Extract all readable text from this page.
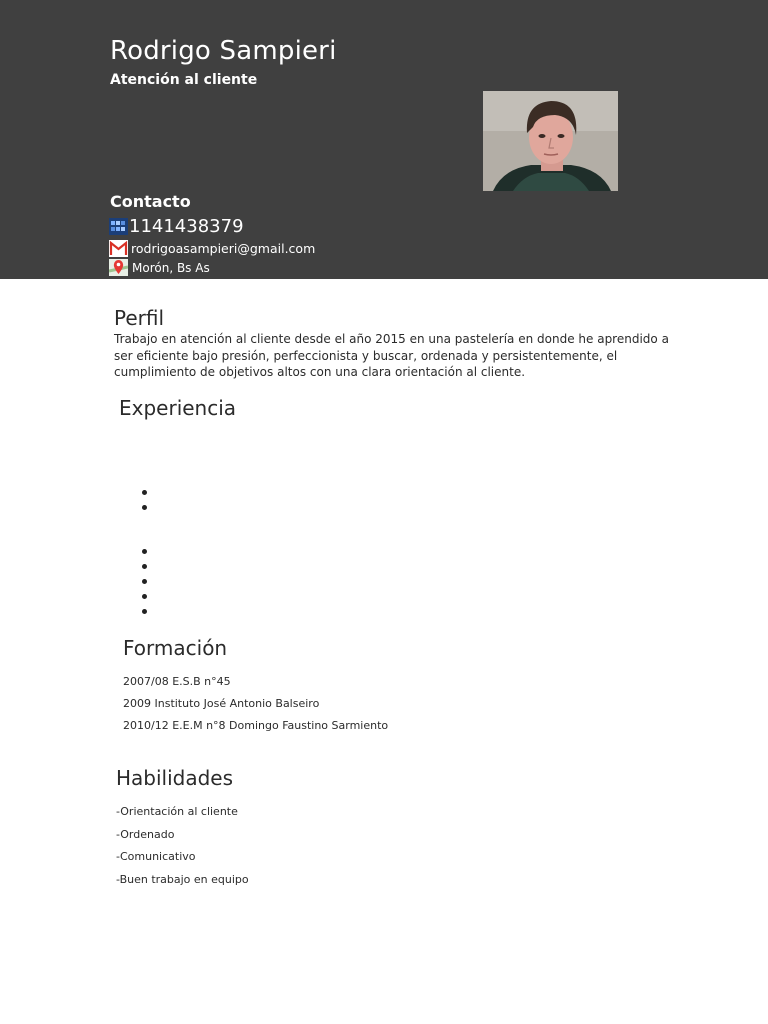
Rodrigo Sampieri
Atención al cliente
Contacto
1141438379
rodrigoasampieri@gmail.com
Morón, Bs As
Perfil

Trabajo en atención al cliente desde el año 2015 en una pastelería en donde he aprendido a ser eficiente bajo presión, perfeccionista y buscar, ordenada y persistentemente, el cumplimiento de objetivos altos con una clara orientación al cliente.

Experiencia
Formación
2007/08 E.S.B n°45
2009 Instituto José Antonio Balseiro
2010/12 E.E.M n°8 Domingo Faustino Sarmiento
Habilidades
-Orientación al cliente
-Ordenado
-Comunicativo
-Buen trabajo en equipo
